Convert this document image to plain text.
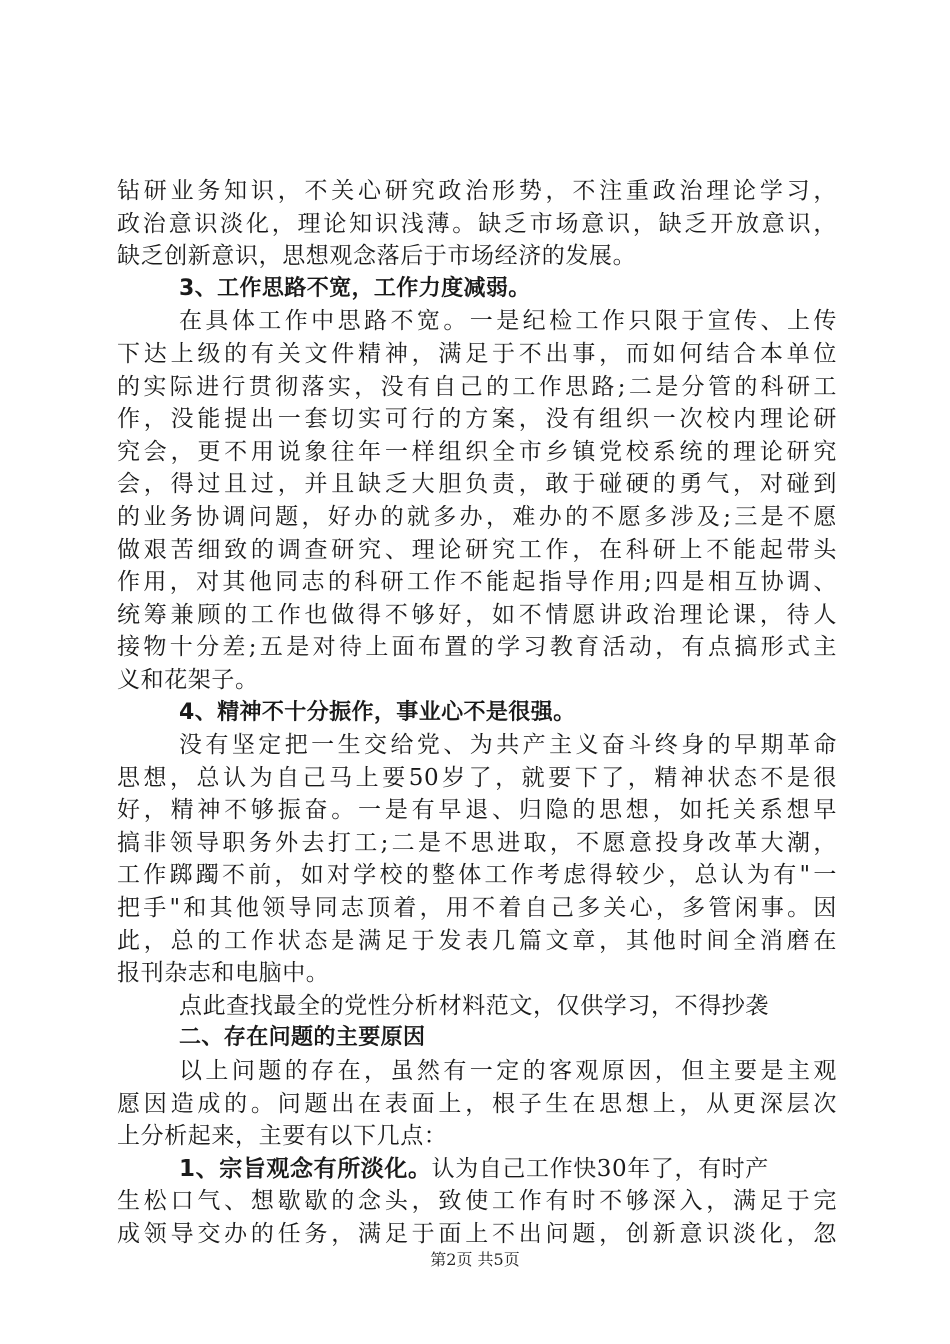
钻研业务知识，不关心研究政治形势，不注重政治理论学习，
政治意识淡化，理论知识浅薄。缺乏市场意识，缺乏开放意识，
缺乏创新意识，思想观念落后于市场经济的发展。
3、工作思路不宽，工作力度减弱。
在具体工作中思路不宽。一是纪检工作只限于宣传、上传
下达上级的有关文件精神，满足于不出事，而如何结合本单位
的实际进行贯彻落实，没有自己的工作思路;二是分管的科研工
作，没能提出一套切实可行的方案，没有组织一次校内理论研
究会，更不用说象往年一样组织全市乡镇党校系统的理论研究
会，得过且过，并且缺乏大胆负责，敢于碰硬的勇气，对碰到
的业务协调问题，好办的就多办，难办的不愿多涉及;三是不愿
做艰苦细致的调查研究、理论研究工作，在科研上不能起带头
作用，对其他同志的科研工作不能起指导作用;四是相互协调、
统筹兼顾的工作也做得不够好，如不情愿讲政治理论课，待人
接物十分差;五是对待上面布置的学习教育活动，有点搞形式主
义和花架子。
4、精神不十分振作，事业心不是很强。
没有坚定把一生交给党、为共产主义奋斗终身的早期革命
思想，总认为自己马上要50岁了，就要下了，精神状态不是很
好，精神不够振奋。一是有早退、归隐的思想，如托关系想早
搞非领导职务外去打工;二是不思进取，不愿意投身改革大潮，
工作踯躅不前，如对学校的整体工作考虑得较少，总认为有"一
把手"和其他领导同志顶着，用不着自己多关心，多管闲事。因
此，总的工作状态是满足于发表几篇文章，其他时间全消磨在
报刊杂志和电脑中。
点此查找最全的党性分析材料范文，仅供学习，不得抄袭
二、存在问题的主要原因
以上问题的存在，虽然有一定的客观原因，但主要是主观
愿因造成的。问题出在表面上，根子生在思想上，从更深层次
上分析起来，主要有以下几点：
1、宗旨观念有所淡化。认为自己工作快30年了，有时产
生松口气、想歇歇的念头，致使工作有时不够深入，满足于完
成领导交办的任务，满足于面上不出问题，创新意识淡化，忽
第2页 共5页
